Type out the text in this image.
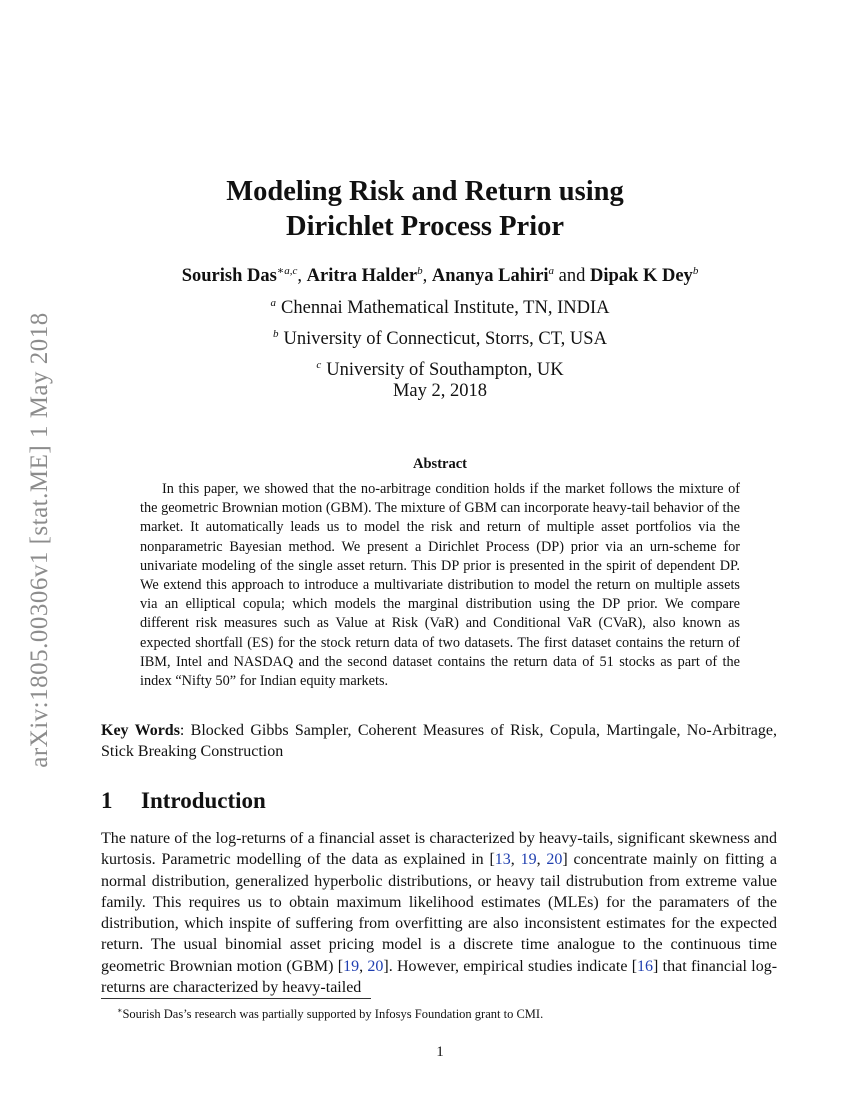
arXiv:1805.00306v1 [stat.ME] 1 May 2018
Modeling Risk and Return using
Dirichlet Process Prior
Sourish Das$^{∗a,c}$, Aritra Halder$^b$, Ananya Lahiri$^a$ and Dipak K Dey$^b$
$^a$ Chennai Mathematical Institute, TN, INDIA
$^b$ University of Connecticut, Storrs, CT, USA
$^c$ University of Southampton, UK
May 2, 2018
Abstract
In this paper, we showed that the no-arbitrage condition holds if the market follows the mixture of the geometric Brownian motion (GBM). The mixture of GBM can incorporate heavy-tail behavior of the market. It automatically leads us to model the risk and return of multiple asset portfolios via the nonparametric Bayesian method. We present a Dirichlet Process (DP) prior via an urn-scheme for univariate modeling of the single asset return. This DP prior is presented in the spirit of dependent DP. We extend this approach to introduce a multivariate distribution to model the return on multiple assets via an elliptical copula; which models the marginal distribution using the DP prior. We compare different risk measures such as Value at Risk (VaR) and Conditional VaR (CVaR), also known as expected shortfall (ES) for the stock return data of two datasets. The first dataset contains the return of IBM, Intel and NASDAQ and the second dataset contains the return data of 51 stocks as part of the index “Nifty 50” for Indian equity markets.
Key Words: Blocked Gibbs Sampler, Coherent Measures of Risk, Copula, Martingale, No-Arbitrage, Stick Breaking Construction
1 Introduction
The nature of the log-returns of a financial asset is characterized by heavy-tails, significant skewness and kurtosis. Parametric modelling of the data as explained in [13, 19, 20] concentrate mainly on fitting a normal distribution, generalized hyperbolic distributions, or heavy tail distrubution from extreme value family. This requires us to obtain maximum likelihood estimates (MLEs) for the paramaters of the distribution, which inspite of suffering from overfitting are also inconsistent estimates for the expected return. The usual binomial asset pricing model is a discrete time analogue to the continuous time geometric Brownian motion (GBM) [19, 20]. However, empirical studies indicate [16] that financial log-returns are characterized by heavy-tailed
∗Sourish Das’s research was partially supported by Infosys Foundation grant to CMI.
1
